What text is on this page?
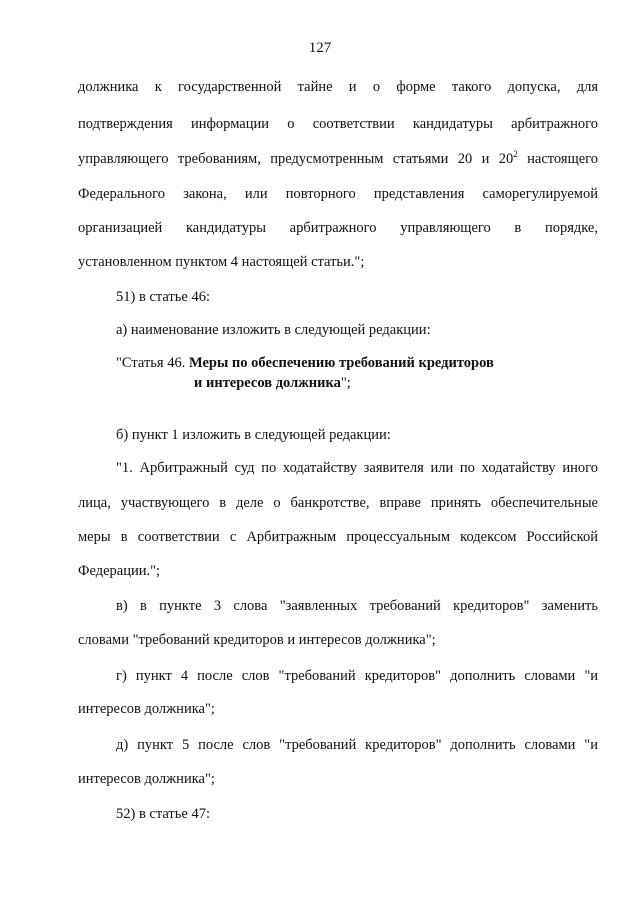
127
должника к государственной тайне и о форме такого допуска, для
подтверждения информации о соответствии кандидатуры арбитражного
управляющего требованиям, предусмотренным статьями 20 и $20^2$ настоящего
Федерального закона, или повторного представления саморегулируемой
организацией кандидатуры арбитражного управляющего в порядке,
установленном пунктом 4 настоящей статьи.";
51) в статье 46:
а) наименование изложить в следующей редакции:
"Статья 46. Меры по обеспечению требований кредиторов
и интересов должника";
б) пункт 1 изложить в следующей редакции:
"1. Арбитражный суд по ходатайству заявителя или по ходатайству иного
лица, участвующего в деле о банкротстве, вправе принять обеспечительные
меры в соответствии с Арбитражным процессуальным кодексом Российской
Федерации.";
в) в пункте 3 слова "заявленных требований кредиторов" заменить
словами "требований кредиторов и интересов должника";
г) пункт 4 после слов "требований кредиторов" дополнить словами "и
интересов должника";
д) пункт 5 после слов "требований кредиторов" дополнить словами "и
интересов должника";
52) в статье 47:
